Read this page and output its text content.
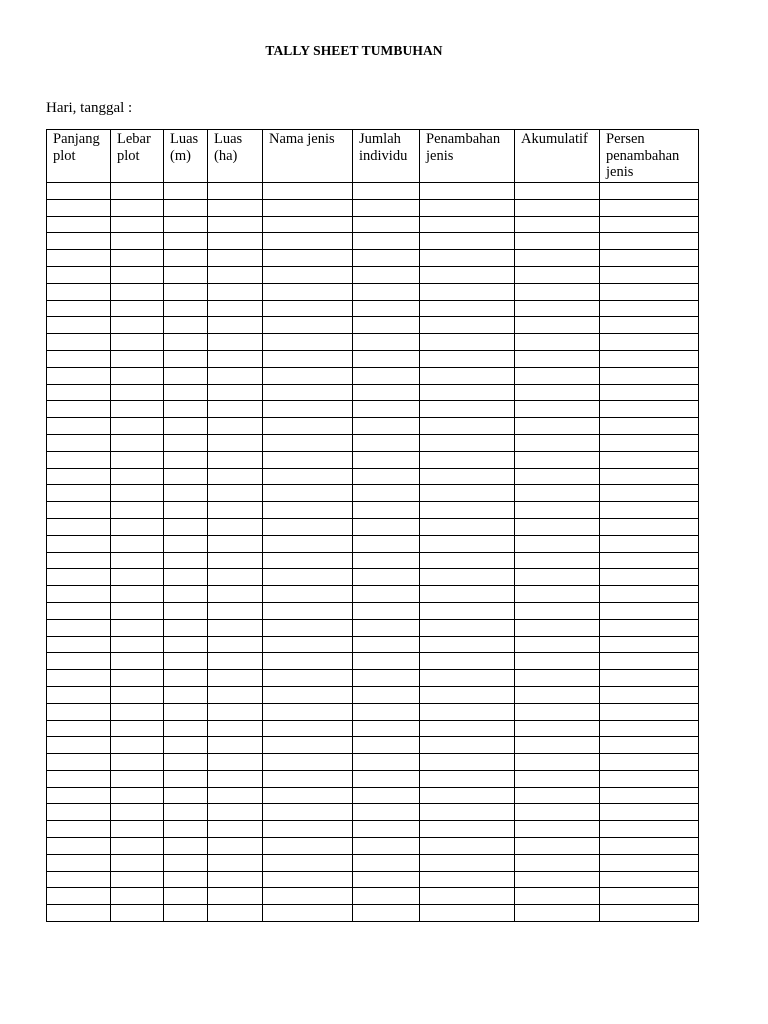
TALLY SHEET TUMBUHAN
Hari, tanggal :
Panjang plot	Lebar plot	Luas (m)	Luas (ha)	Nama jenis	Jumlah individu	Penambahan jenis	Akumulatif	Persen penambahan jenis
